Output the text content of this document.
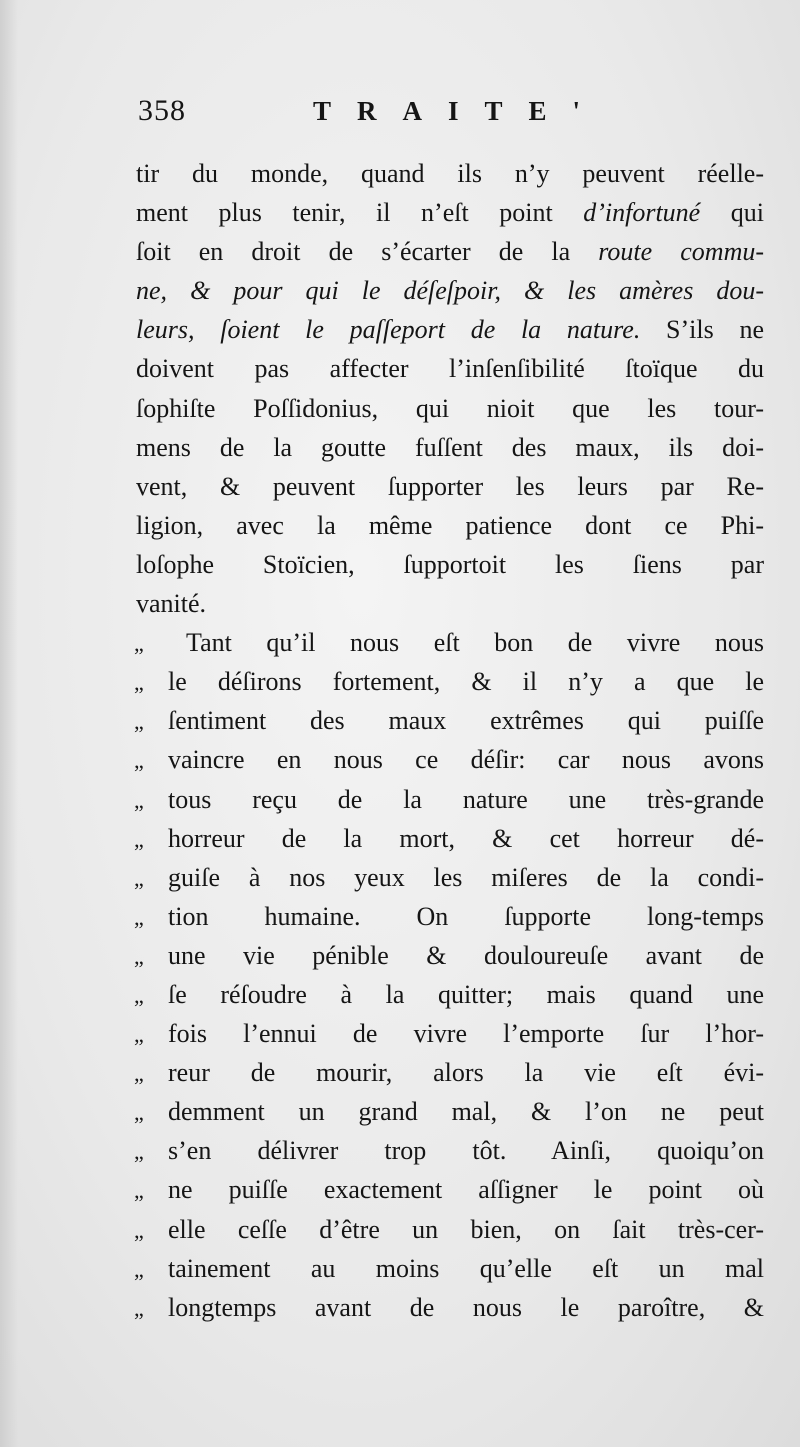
358	TRAITE'
tir du monde, quand ils n’y peuvent réelle-
ment plus tenir, il n’eſt point d’infortuné qui
ſoit en droit de s’écarter de la route commu-
ne, & pour qui le déſeſpoir, & les amères dou-
leurs, ſoient le paſſeport de la nature. S’ils ne
doivent pas affecter l’inſenſibilité ſtoïque du
ſophiſte Poſſidonius, qui nioit que les tour-
mens de la goutte fuſſent des maux, ils doi-
vent, & peuvent ſupporter les leurs par Re-
ligion, avec la même patience dont ce Phi-
loſophe Stoïcien, ſupportoit les ſiens par
vanité.
„ Tant qu’il nous eſt bon de vivre nous
„ le déſirons fortement, & il n’y a que le
„ ſentiment des maux extrêmes qui puiſſe
„ vaincre en nous ce déſir: car nous avons
„ tous reçu de la nature une très-grande
„ horreur de la mort, & cet horreur dé-
„ guiſe à nos yeux les miſeres de la condi-
„ tion humaine. On ſupporte long-temps
„ une vie pénible & douloureuſe avant de
„ ſe réſoudre à la quitter; mais quand une
„ fois l’ennui de vivre l’emporte ſur l’hor-
„ reur de mourir, alors la vie eſt évi-
„ demment un grand mal, & l’on ne peut
„ s’en délivrer trop tôt. Ainſi, quoiqu’on
„ ne puiſſe exactement aſſigner le point où
„ elle ceſſe d’être un bien, on ſait très-cer-
„ tainement au moins qu’elle eſt un mal
„ longtemps avant de nous le paroître, &
